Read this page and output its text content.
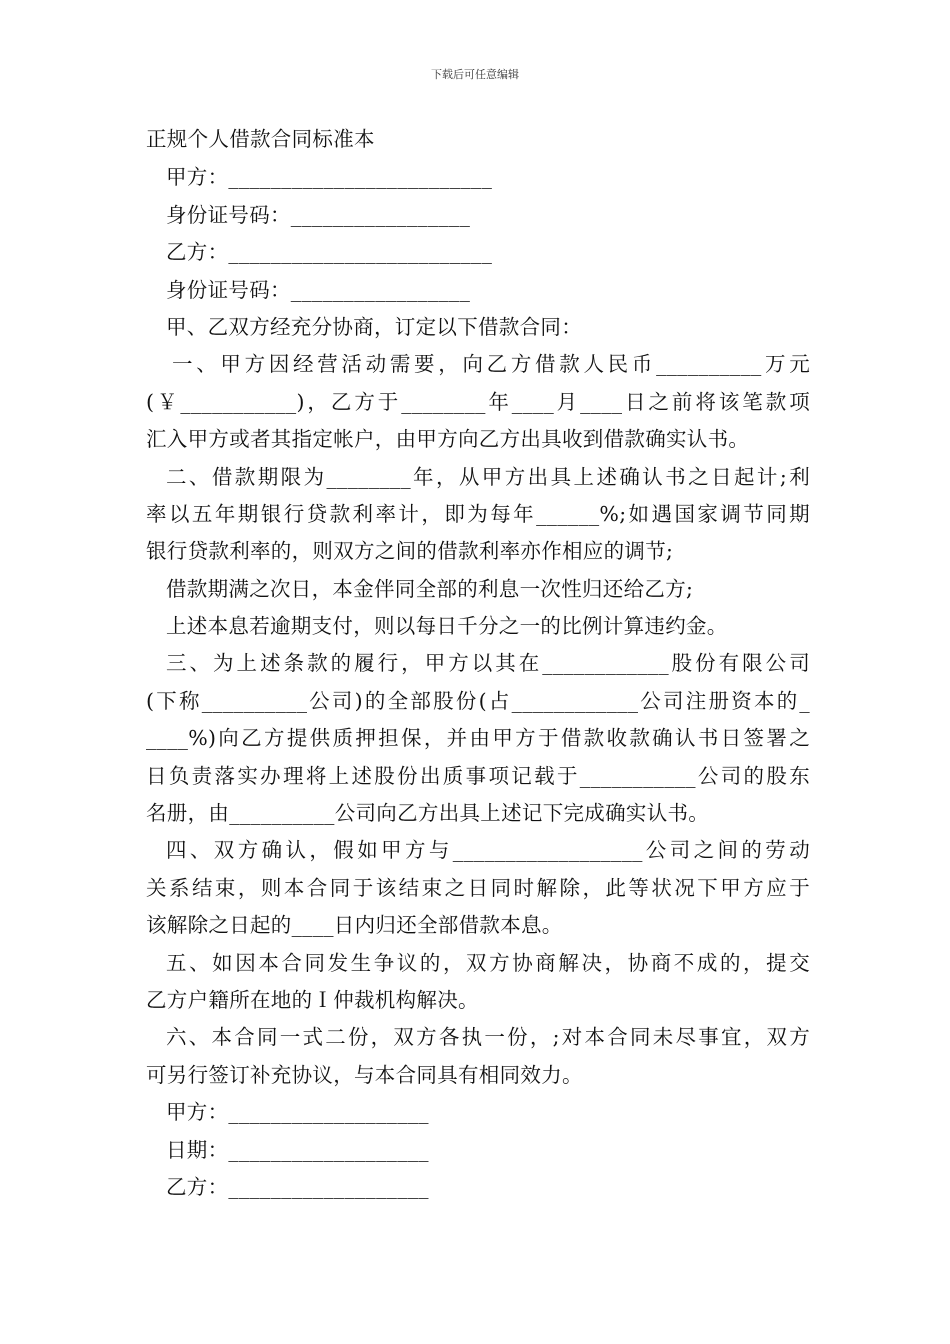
下载后可任意编辑
正规个人借款合同标准本
甲方：_________________________
身份证号码：_________________
乙方：_________________________
身份证号码：_________________
甲、乙双方经充分协商，订定以下借款合同：
一、甲方因经营活动需要，向乙方借款人民币__________万元
(￥___________)，乙方于________年____月____日之前将该笔款项
汇入甲方或者其指定帐户，由甲方向乙方出具收到借款确实认书。
二、借款期限为________年，从甲方出具上述确认书之日起计;利
率以五年期银行贷款利率计，即为每年______%;如遇国家调节同期
银行贷款利率的，则双方之间的借款利率亦作相应的调节;
借款期满之次日，本金伴同全部的利息一次性归还给乙方;
上述本息若逾期支付，则以每日千分之一的比例计算违约金。
三、为上述条款的履行，甲方以其在____________股份有限公司
(下称__________公司)的全部股份(占____________公司注册资本的_
____%)向乙方提供质押担保，并由甲方于借款收款确认书日签署之
日负责落实办理将上述股份出质事项记载于___________公司的股东
名册，由__________公司向乙方出具上述记下完成确实认书。
四、双方确认，假如甲方与__________________公司之间的劳动
关系结束，则本合同于该结束之日同时解除，此等状况下甲方应于
该解除之日起的____日内归还全部借款本息。
五、如因本合同发生争议的，双方协商解决，协商不成的，提交
乙方户籍所在地的Ｉ仲裁机构解决。
六、本合同一式二份，双方各执一份，;对本合同未尽事宜，双方
可另行签订补充协议，与本合同具有相同效力。
甲方：___________________
日期：___________________
乙方：___________________
